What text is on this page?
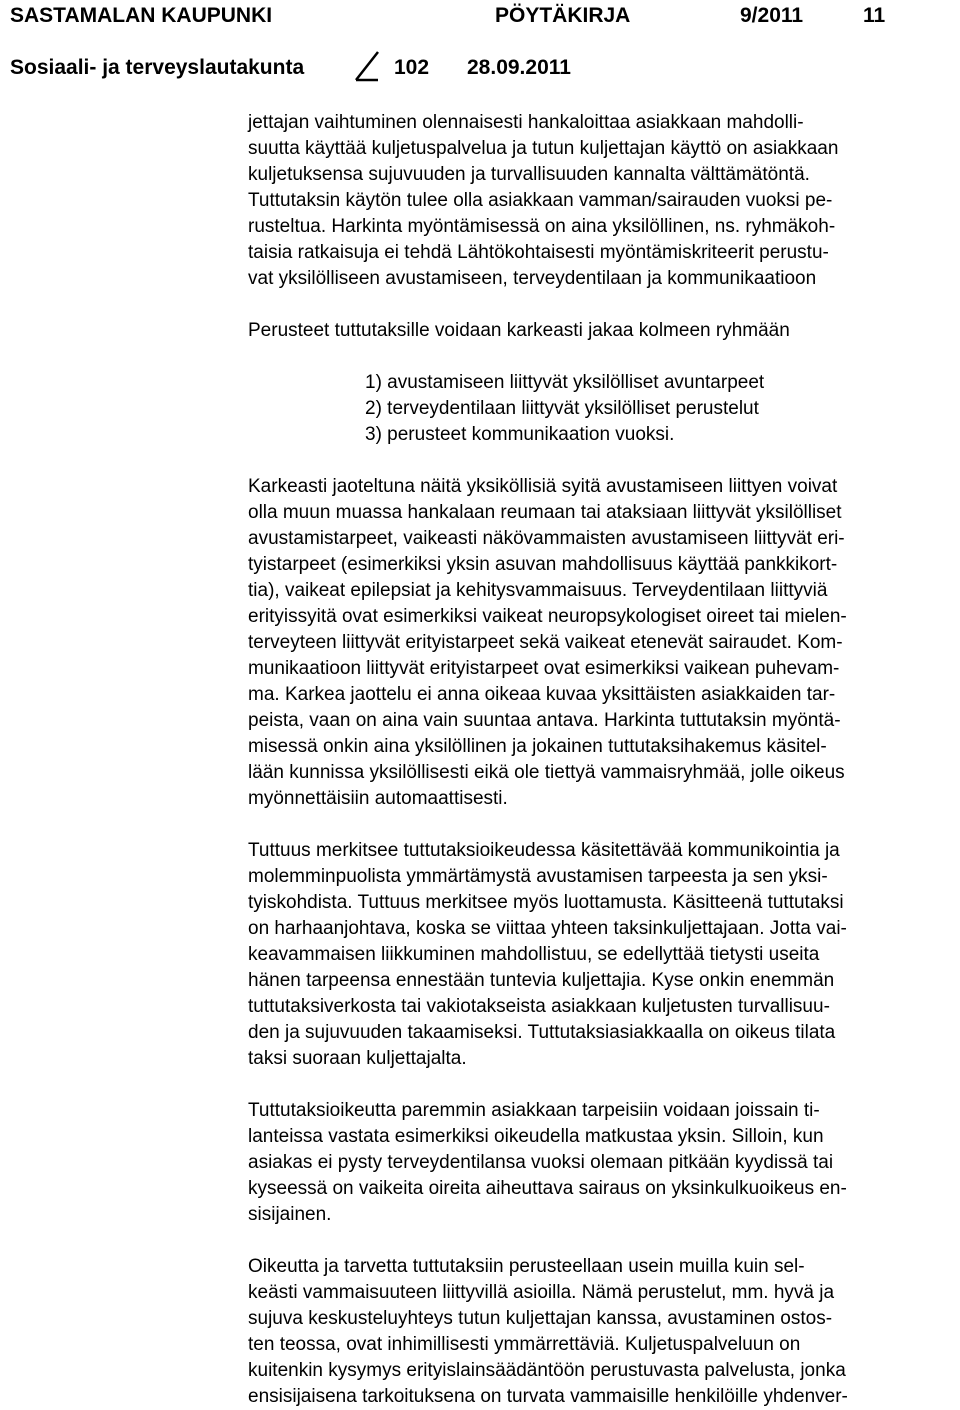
SASTAMALAN KAUPUNKI	PÖYTÄKIRJA	9/2011	11
Sosiaali- ja terveyslautakunta	102 28.09.2011
jettajan vaihtuminen olennaisesti hankaloittaa asiakkaan mahdolli-
suutta käyttää kuljetuspalvelua ja tutun kuljettajan käyttö on asiakkaan
kuljetuksensa sujuvuuden ja turvallisuuden kannalta välttämätöntä.
Tuttutaksin käytön tulee olla asiakkaan vamman/sairauden vuoksi pe-
rusteltua. Harkinta myöntämisessä on aina yksilöllinen, ns. ryhmäkoh-
taisia ratkaisuja ei tehdä Lähtökohtaisesti myöntämiskriteerit perustu-
vat yksilölliseen avustamiseen, terveydentilaan ja kommunikaatioon
Perusteet tuttutaksille voidaan karkeasti jakaa kolmeen ryhmään
1) avustamiseen liittyvät yksilölliset avuntarpeet
2) terveydentilaan liittyvät yksilölliset perustelut
3) perusteet kommunikaation vuoksi.
Karkeasti jaoteltuna näitä yksiköllisiä syitä avustamiseen liittyen voivat
olla muun muassa hankalaan reumaan tai ataksiaan liittyvät yksilölliset
avustamistarpeet, vaikeasti näkövammaisten avustamiseen liittyvät eri-
tyistarpeet (esimerkiksi yksin asuvan mahdollisuus käyttää pankkikort-
tia), vaikeat epilepsiat ja kehitysvammaisuus. Terveydentilaan liittyviä
erityissyitä ovat esimerkiksi vaikeat neuropsykologiset oireet tai mielen-
terveyteen liittyvät erityistarpeet sekä vaikeat etenevät sairaudet. Kom-
munikaatioon liittyvät erityistarpeet ovat esimerkiksi vaikean puhevam-
ma. Karkea jaottelu ei anna oikeaa kuvaa yksittäisten asiakkaiden tar-
peista, vaan on aina vain suuntaa antava. Harkinta tuttutaksin myöntä-
misessä onkin aina yksilöllinen ja jokainen tuttutaksihakemus käsitel-
lään kunnissa yksilöllisesti eikä ole tiettyä vammaisryhmää, jolle oikeus
myönnettäisiin automaattisesti.
Tuttuus merkitsee tuttutaksioikeudessa käsitettävää kommunikointia ja
molemminpuolista ymmärtämystä avustamisen tarpeesta ja sen yksi-
tyiskohdista. Tuttuus merkitsee myös luottamusta. Käsitteenä tuttutaksi
on harhaanjohtava, koska se viittaa yhteen taksinkuljettajaan. Jotta vai-
keavammaisen liikkuminen mahdollistuu, se edellyttää tietysti useita
hänen tarpeensa ennestään tuntevia kuljettajia. Kyse onkin enemmän
tuttutaksiverkosta tai vakiotakseista asiakkaan kuljetusten turvallisuu-
den ja sujuvuuden takaamiseksi. Tuttutaksiasiakkaalla on oikeus tilata
taksi suoraan kuljettajalta.
Tuttutaksioikeutta paremmin asiakkaan tarpeisiin voidaan joissain ti-
lanteissa vastata esimerkiksi oikeudella matkustaa yksin. Silloin, kun
asiakas ei pysty terveydentilansa vuoksi olemaan pitkään kyydissä tai
kyseessä on vaikeita oireita aiheuttava sairaus on yksinkulkuoikeus en-
sisijainen.
Oikeutta ja tarvetta tuttutaksiin perusteellaan usein muilla kuin sel-
keästi vammaisuuteen liittyvillä asioilla. Nämä perustelut, mm. hyvä ja
sujuva keskusteluyhteys tutun kuljettajan kanssa, avustaminen ostos-
ten teossa, ovat inhimillisesti ymmärrettäviä. Kuljetuspalveluun on
kuitenkin kysymys erityislainsäädäntöön perustuvasta palvelusta, jonka
ensisijaisena tarkoituksena on turvata vammaisille henkilöille yhdenver-
